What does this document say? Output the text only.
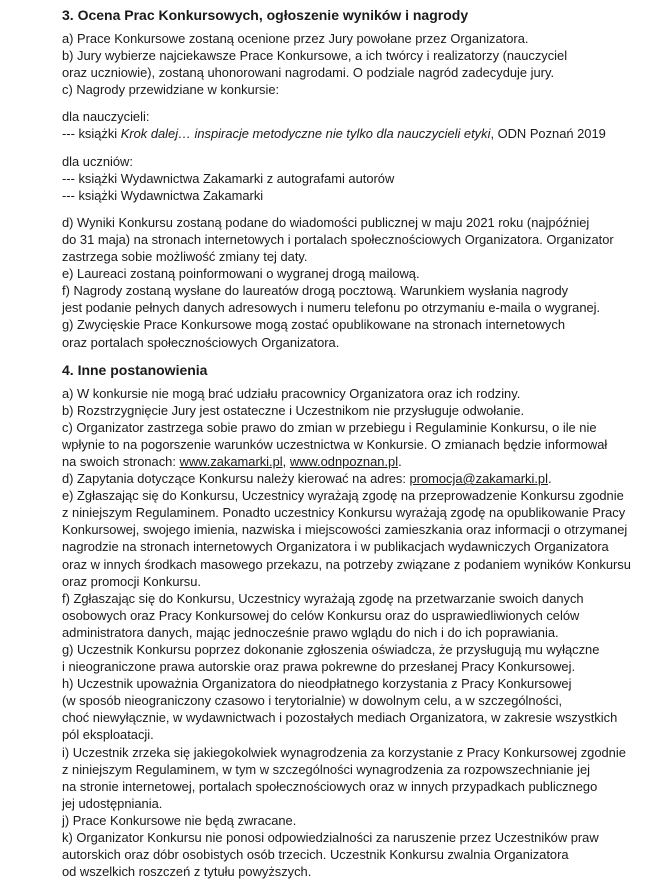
3. Ocena Prac Konkursowych, ogłoszenie wyników i nagrody
a) Prace Konkursowe zostaną ocenione przez Jury powołane przez Organizatora.
b) Jury wybierze najciekawsze Prace Konkursowe, a ich twórcy i realizatorzy (nauczyciel
oraz uczniowie), zostaną uhonorowani nagrodami. O podziale nagród zadecyduje jury.
c) Nagrody przewidziane w konkursie:
dla nauczycieli:
--- książki Krok dalej… inspiracje metodyczne nie tylko dla nauczycieli etyki, ODN Poznań 2019
dla uczniów:
--- książki Wydawnictwa Zakamarki z autografami autorów
--- książki Wydawnictwa Zakamarki
d) Wyniki Konkursu zostaną podane do wiadomości publicznej w maju 2021 roku (najpóźniej
do 31 maja) na stronach internetowych i portalach społecznościowych Organizatora. Organizator
zastrzega sobie możliwość zmiany tej daty.
e) Laureaci zostaną poinformowani o wygranej drogą mailową.
f) Nagrody zostaną wysłane do laureatów drogą pocztową. Warunkiem wysłania nagrody
jest podanie pełnych danych adresowych i numeru telefonu po otrzymaniu e-maila o wygranej.
g) Zwycięskie Prace Konkursowe mogą zostać opublikowane na stronach internetowych
oraz portalach społecznościowych Organizatora.
4. Inne postanowienia
a) W konkursie nie mogą brać udziału pracownicy Organizatora oraz ich rodziny.
b) Rozstrzygnięcie Jury jest ostateczne i Uczestnikom nie przysługuje odwołanie.
c) Organizator zastrzega sobie prawo do zmian w przebiegu i Regulaminie Konkursu, o ile nie
wpłynie to na pogorszenie warunków uczestnictwa w Konkursie. O zmianach będzie informował
na swoich stronach: www.zakamarki.pl, www.odnpoznan.pl.
d) Zapytania dotyczące Konkursu należy kierować na adres: promocja@zakamarki.pl.
e) Zgłaszając się do Konkursu, Uczestnicy wyrażają zgodę na przeprowadzenie Konkursu zgodnie
z niniejszym Regulaminem. Ponadto uczestnicy Konkursu wyrażają zgodę na opublikowanie Pracy
Konkursowej, swojego imienia, nazwiska i miejscowości zamieszkania oraz informacji o otrzymanej
nagrodzie na stronach internetowych Organizatora i w publikacjach wydawniczych Organizatora
oraz w innych środkach masowego przekazu, na potrzeby związane z podaniem wyników Konkursu
oraz promocji Konkursu.
f) Zgłaszając się do Konkursu, Uczestnicy wyrażają zgodę na przetwarzanie swoich danych
osobowych oraz Pracy Konkursowej do celów Konkursu oraz do usprawiedliwionych celów
administratora danych, mając jednocześnie prawo wglądu do nich i do ich poprawiania.
g) Uczestnik Konkursu poprzez dokonanie zgłoszenia oświadcza, że przysługują mu wyłączne
i nieograniczone prawa autorskie oraz prawa pokrewne do przesłanej Pracy Konkursowej.
h) Uczestnik upoważnia Organizatora do nieodpłatnego korzystania z Pracy Konkursowej
(w sposób nieograniczony czasowo i terytorialnie) w dowolnym celu, a w szczególności,
choć niewyłącznie, w wydawnictwach i pozostałych mediach Organizatora, w zakresie wszystkich
pól eksploatacji.
i) Uczestnik zrzeka się jakiegokolwiek wynagrodzenia za korzystanie z Pracy Konkursowej zgodnie
z niniejszym Regulaminem, w tym w szczególności wynagrodzenia za rozpowszechnianie jej
na stronie internetowej, portalach społecznościowych oraz w innych przypadkach publicznego
jej udostępniania.
j) Prace Konkursowe nie będą zwracane.
k) Organizator Konkursu nie ponosi odpowiedzialności za naruszenie przez Uczestników praw
autorskich oraz dóbr osobistych osób trzecich. Uczestnik Konkursu zwalnia Organizatora
od wszelkich roszczeń z tytułu powyższych.
